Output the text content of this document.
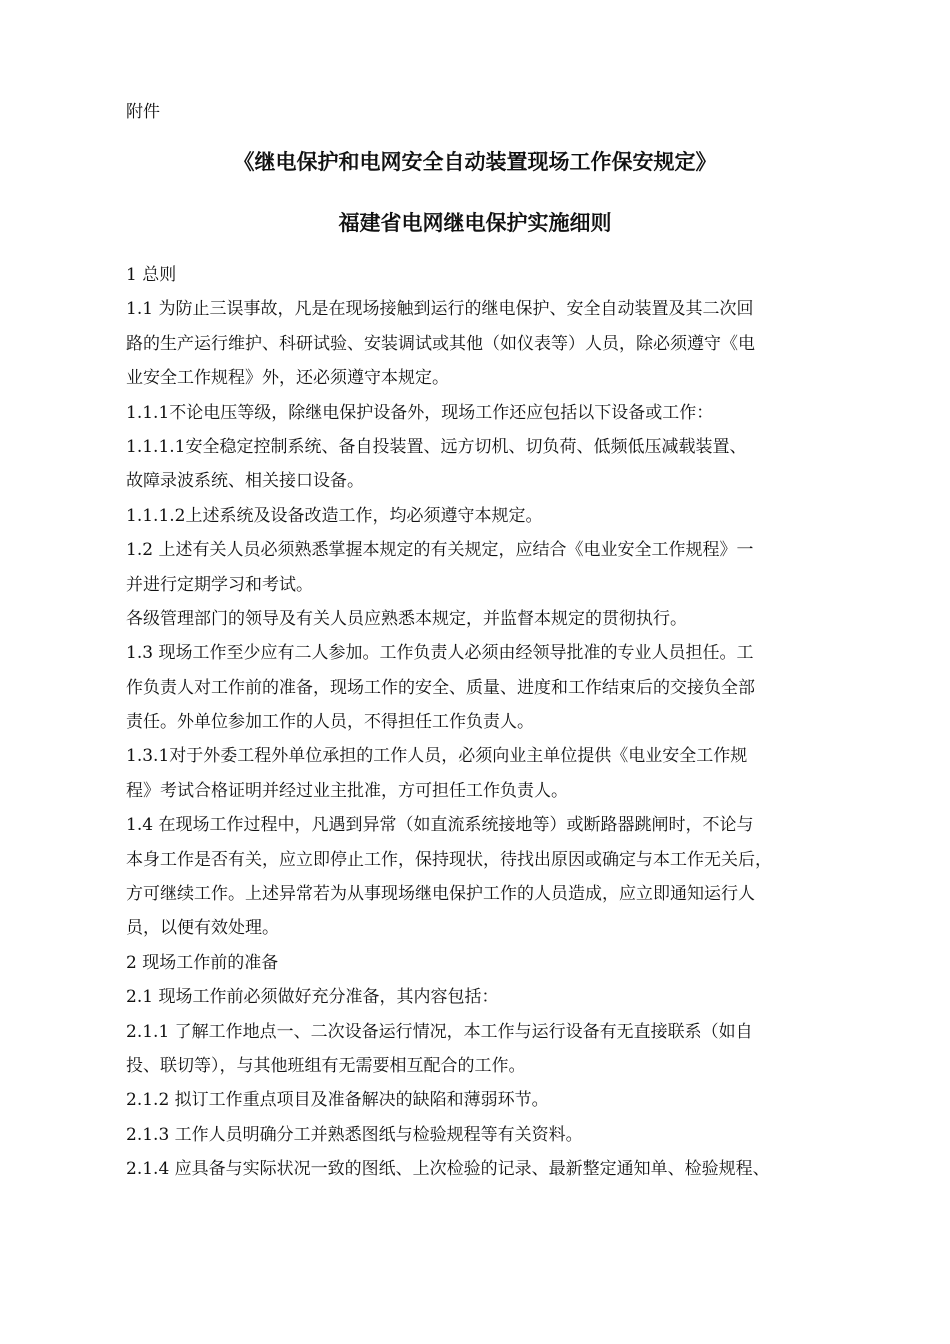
附件
《继电保护和电网安全自动装置现场工作保安规定》
福建省电网继电保护实施细则
1 总则
1.1 为防止三误事故，凡是在现场接触到运行的继电保护、安全自动装置及其二次回
路的生产运行维护、科研试验、安装调试或其他（如仪表等）人员，除必须遵守《电
业安全工作规程》外，还必须遵守本规定。
1.1.1不论电压等级，除继电保护设备外，现场工作还应包括以下设备或工作：
1.1.1.1安全稳定控制系统、备自投装置、远方切机、切负荷、低频低压减载装置、
故障录波系统、相关接口设备。
1.1.1.2上述系统及设备改造工作，均必须遵守本规定。
1.2 上述有关人员必须熟悉掌握本规定的有关规定，应结合《电业安全工作规程》一
并进行定期学习和考试。
各级管理部门的领导及有关人员应熟悉本规定，并监督本规定的贯彻执行。
1.3 现场工作至少应有二人参加。工作负责人必须由经领导批准的专业人员担任。工
作负责人对工作前的准备，现场工作的安全、质量、进度和工作结束后的交接负全部
责任。外单位参加工作的人员，不得担任工作负责人。
1.3.1对于外委工程外单位承担的工作人员，必须向业主单位提供《电业安全工作规
程》考试合格证明并经过业主批准，方可担任工作负责人。
1.4 在现场工作过程中，凡遇到异常（如直流系统接地等）或断路器跳闸时，不论与
本身工作是否有关，应立即停止工作，保持现状，待找出原因或确定与本工作无关后，
方可继续工作。上述异常若为从事现场继电保护工作的人员造成，应立即通知运行人
员，以便有效处理。
2 现场工作前的准备
2.1 现场工作前必须做好充分准备，其内容包括：
2.1.1 了解工作地点一、二次设备运行情况，本工作与运行设备有无直接联系（如自
投、联切等），与其他班组有无需要相互配合的工作。
2.1.2 拟订工作重点项目及准备解决的缺陷和薄弱环节。
2.1.3 工作人员明确分工并熟悉图纸与检验规程等有关资料。
2.1.4 应具备与实际状况一致的图纸、上次检验的记录、最新整定通知单、检验规程、
